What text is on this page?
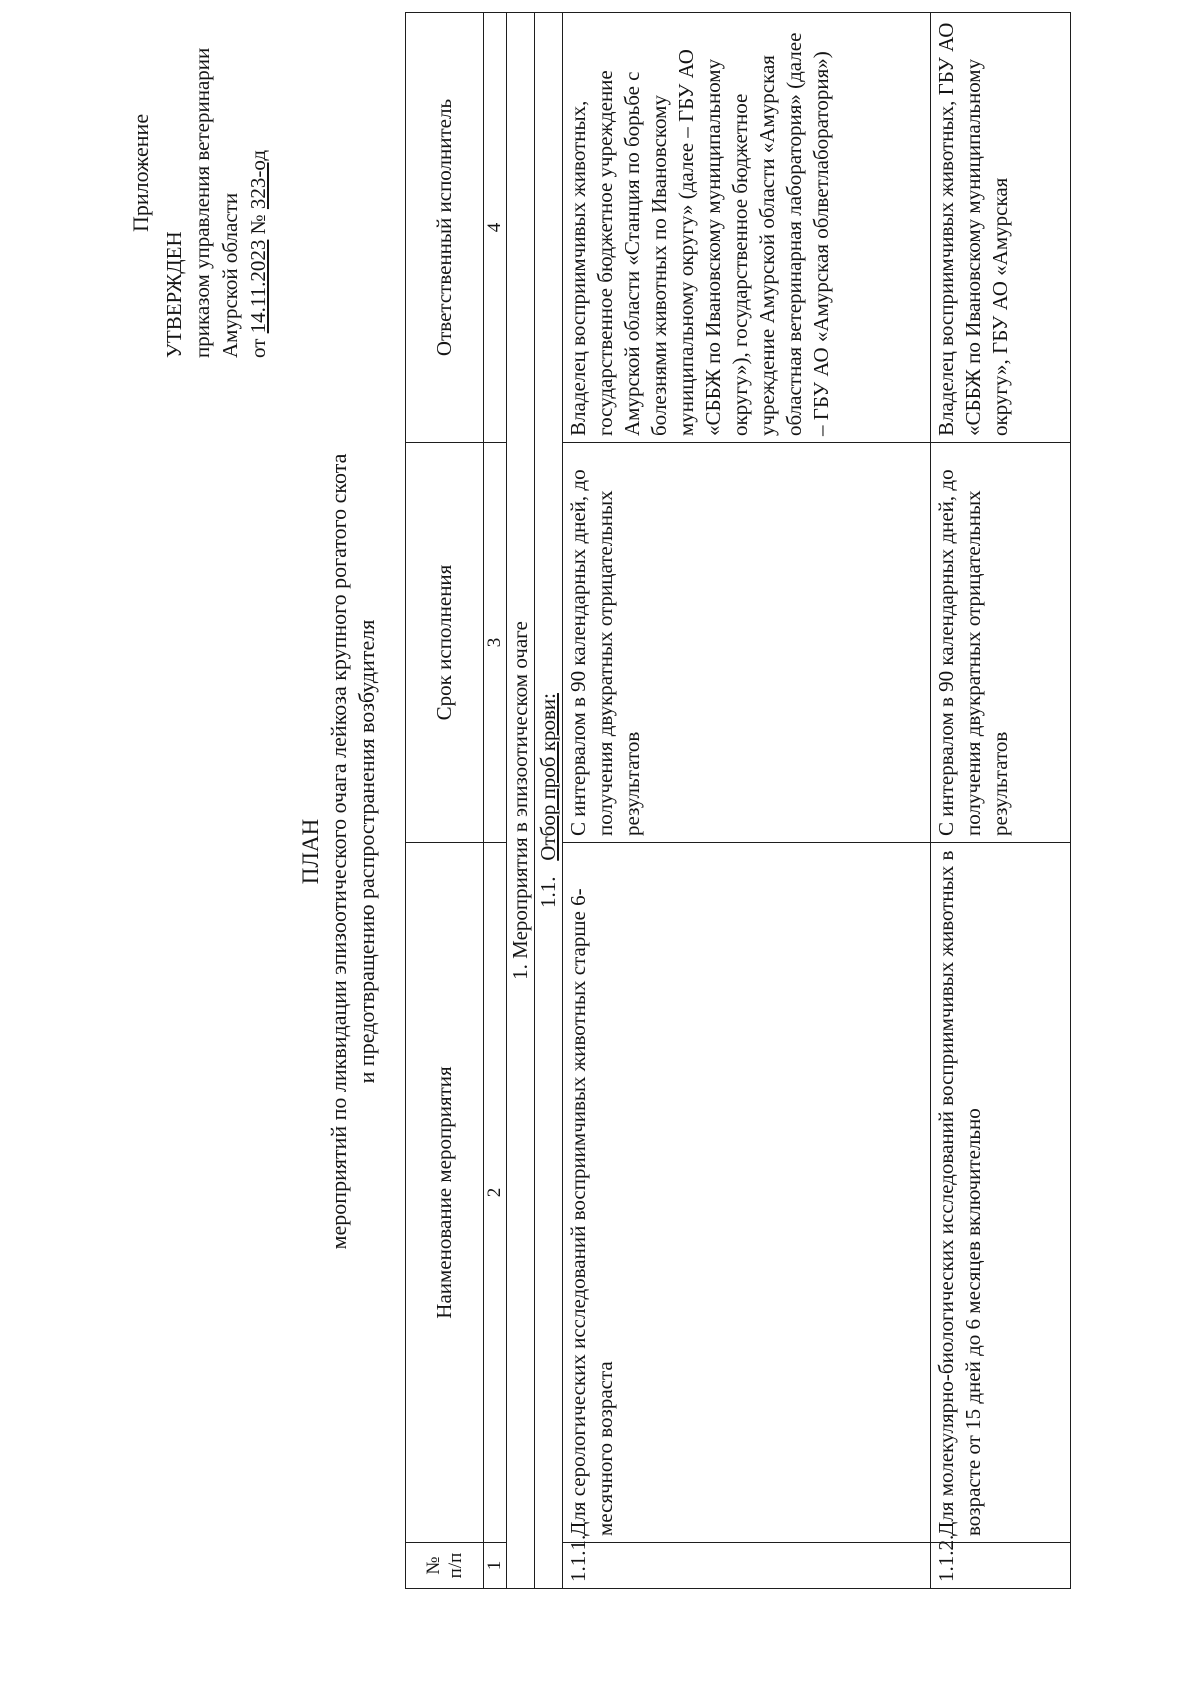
Приложение
УТВЕРЖДЕН приказом управления ветеринарии Амурской области от 14.11.2023 № 323-од
ПЛАН мероприятий по ликвидации эпизоотического очага лейкоза крупного рогатого скота и предотвращению распространения возбудителя
№ п/п	Наименование мероприятия	Срок исполнения	Ответственный исполнитель
1	2	3	4
1. Мероприятия в эпизоотическом очаге			
1.1.   Отбор проб крови:			
1.1.1.	Для серологических исследований восприимчивых животных старше 6-месячного возраста	С интервалом в 90 календарных дней, до получения двукратных отрицательных результатов	Владелец восприимчивых животных, государственное бюджетное учреждение Амурской области «Станция по борьбе с болезнями животных по Ивановскому муниципальному округу» (далее – ГБУ АО «СББЖ по Ивановскому муниципальному округу»), государственное бюджетное учреждение Амурской области «Амурская областная ветеринарная лаборатория» (далее – ГБУ АО «Амурская облветлаборатория»)
1.1.2.	Для молекулярно-биологических исследований восприимчивых животных в возрасте от 15 дней до 6 месяцев включительно	С интервалом в 90 календарных дней, до получения двукратных отрицательных результатов	Владелец восприимчивых животных, ГБУ АО «СББЖ по Ивановскому муниципальному округу», ГБУ АО «Амурская
